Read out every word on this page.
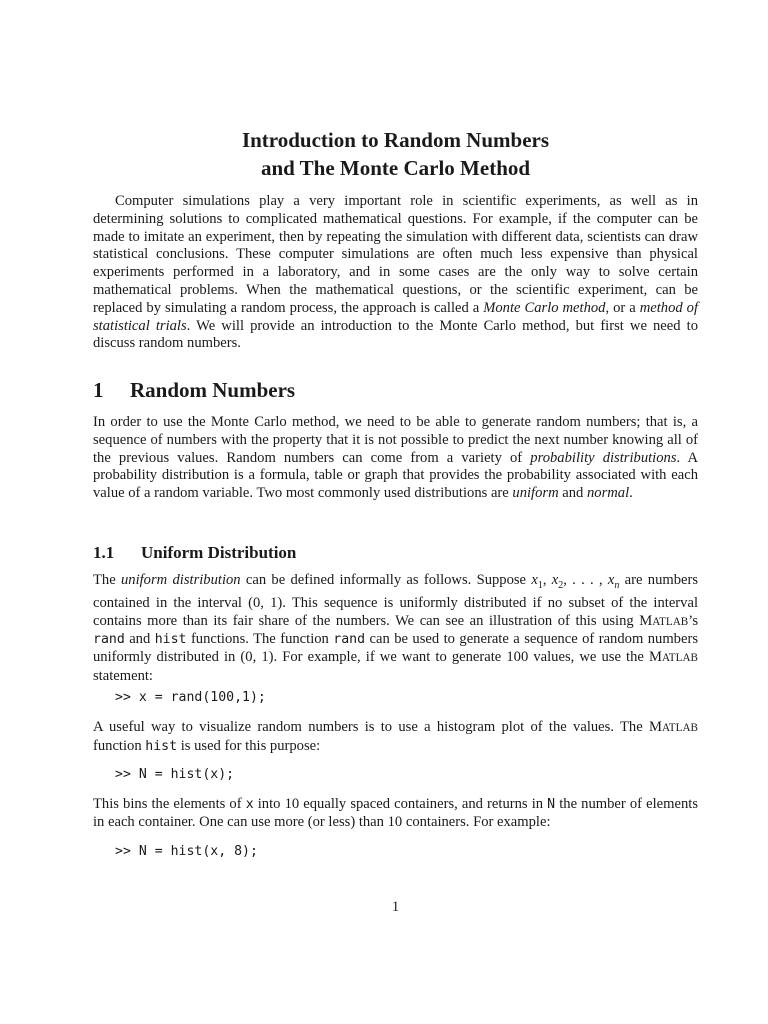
Introduction to Random Numbers
and The Monte Carlo Method

Computer simulations play a very important role in scientific experiments, as well as in determining solutions to complicated mathematical questions. For example, if the computer can be made to imitate an experiment, then by repeating the simulation with different data, scientists can draw statistical conclusions. These computer simulations are often much less expensive than physical experiments performed in a laboratory, and in some cases are the only way to solve certain mathematical problems. When the mathematical questions, or the scientific experiment, can be replaced by simulating a random process, the approach is called a Monte Carlo method, or a method of statistical trials. We will provide an introduction to the Monte Carlo method, but first we need to discuss random numbers.

1 Random Numbers

In order to use the Monte Carlo method, we need to be able to generate random numbers; that is, a sequence of numbers with the property that it is not possible to predict the next number knowing all of the previous values. Random numbers can come from a variety of probability distributions. A probability distribution is a formula, table or graph that provides the probability associated with each value of a random variable. Two most commonly used distributions are uniform and normal.

1.1 Uniform Distribution

The uniform distribution can be defined informally as follows. Suppose $x_1$, $x_2$, . . . , $x_n$ are numbers contained in the interval (0, 1). This sequence is uniformly distributed if no subset of the interval contains more than its fair share of the numbers. We can see an illustration of this using MATLAB’s rand and hist functions. The function rand can be used to generate a sequence of random numbers uniformly distributed in (0, 1). For example, if we want to generate 100 values, we use the MATLAB statement:

>> x = rand(100,1);

A useful way to visualize random numbers is to use a histogram plot of the values. The MATLAB function hist is used for this purpose:

>> N = hist(x);

This bins the elements of x into 10 equally spaced containers, and returns in N the number of elements in each container. One can use more (or less) than 10 containers. For example:

>> N = hist(x, 8);
1
